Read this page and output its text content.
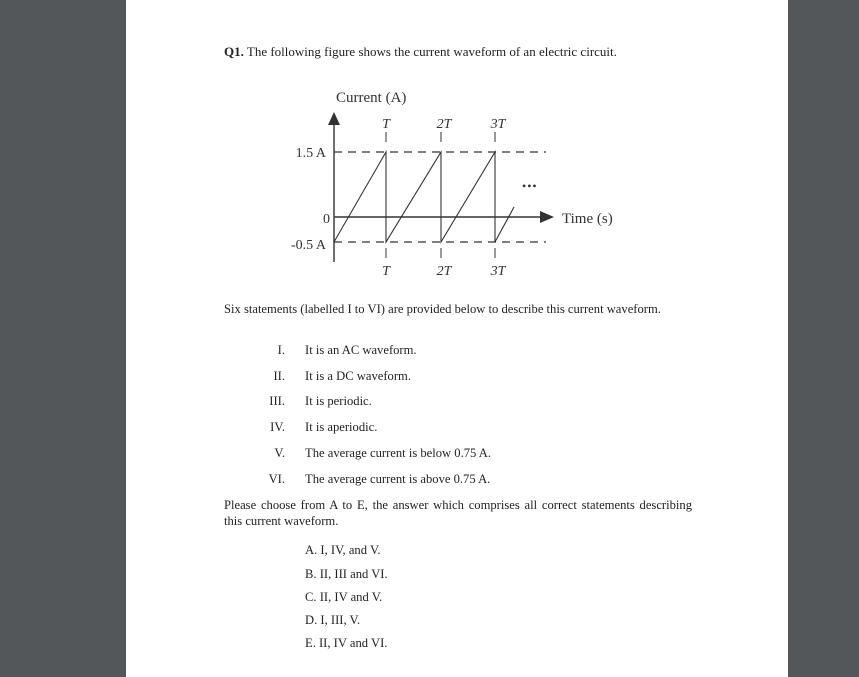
Q1. The following figure shows the current waveform of an electric circuit.
Current (A)
Time (s)
1.5 A
0
-0.5 A
T	2T	3T
T	2T	3T
•••
Six statements (labelled I to VI) are provided below to describe this current waveform.
I. It is an AC waveform.
II. It is a DC waveform.
III. It is periodic.
IV. It is aperiodic.
V. The average current is below 0.75 A.
VI. The average current is above 0.75 A.
Please choose from A to E, the answer which comprises all correct statements describing this current waveform.
A. I, IV, and V.
B. II, III and VI.
C. II, IV and V.
D. I, III, V.
E. II, IV and VI.
